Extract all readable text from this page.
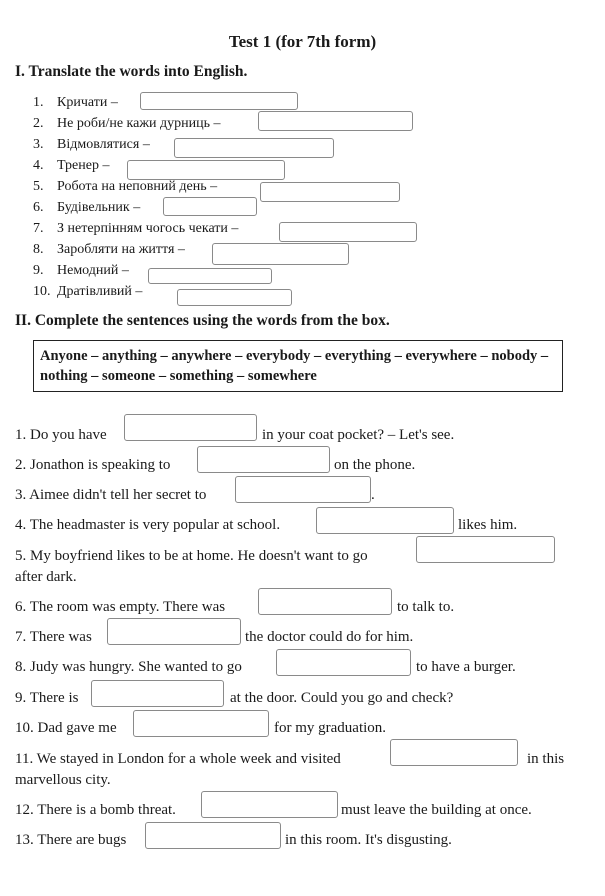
Test 1 (for 7th form)
I. Translate the words into English.
1. Кричати –
2. Не роби/не кажи дурниць –
3. Відмовлятися –
4. Тренер –
5. Робота на неповний день –
6. Будівельник –
7. З нетерпінням чогось чекати –
8. Заробляти на життя –
9. Немодний –
10. Дратівливий –
II. Complete the sentences using the words from the box.
Anyone – anything – anywhere – everybody – everything – everywhere – nobody – nothing – someone – something – somewhere
1. Do you have	in your coat pocket? – Let's see.
2. Jonathon is speaking to	on the phone.
3. Aimee didn't tell her secret to	.
4. The headmaster is very popular at school.	likes him.
5. My boyfriend likes to be at home. He doesn't want to go
after dark.
6. The room was empty. There was	to talk to.
7. There was	the doctor could do for him.
8. Judy was hungry. She wanted to go	to have a burger.
9. There is	at the door. Could you go and check?
10. Dad gave me	for my graduation.
11. We stayed in London for a whole week and visited	in this
marvellous city.
12. There is a bomb threat.	must leave the building at once.
13. There are bugs	in this room. It's disgusting.
